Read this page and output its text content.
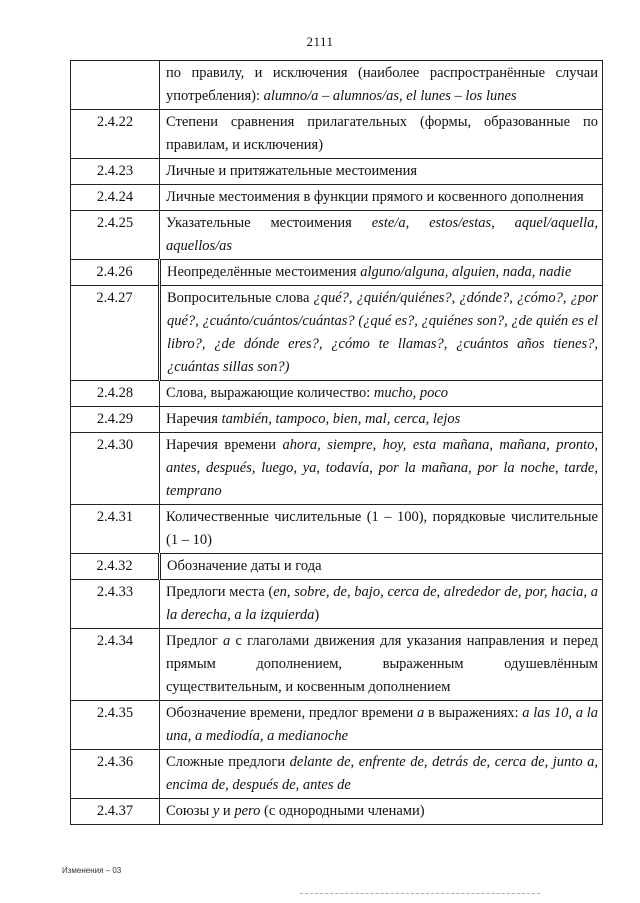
2111
	по правилу, и исключения (наиболее распространённые случаи употребления): alumno/a – alumnos/as, el lunes – los lunes
2.4.22	Степени сравнения прилагательных (формы, образованные по правилам, и исключения)
2.4.23	Личные и притяжательные местоимения
2.4.24	Личные местоимения в функции прямого и косвенного дополнения
2.4.25	Указательные местоимения este/a, estos/estas, aquel/aquella, aquellos/as
2.4.26	Неопределённые местоимения alguno/alguna, alguien, nada, nadie
2.4.27	Вопросительные слова ¿qué?, ¿quién/quiénes?, ¿dónde?, ¿cómo?, ¿por qué?, ¿cuánto/cuántos/cuántas? (¿qué es?, ¿quiénes son?, ¿de quién es el libro?, ¿de dónde eres?, ¿cómo te llamas?, ¿cuántos años tienes?, ¿cuántas sillas son?)
2.4.28	Слова, выражающие количество: mucho, poco
2.4.29	Наречия también, tampoco, bien, mal, cerca, lejos
2.4.30	Наречия времени ahora, siempre, hoy, esta mañana, mañana, pronto, antes, después, luego, ya, todavía, por la mañana, por la noche, tarde, temprano
2.4.31	Количественные числительные (1 – 100), порядковые числительные (1 – 10)
2.4.32	Обозначение даты и года
2.4.33	Предлоги места (en, sobre, de, bajo, cerca de, alrededor de, por, hacia, a la derecha, a la izquierda)
2.4.34	Предлог a с глаголами движения для указания направления и перед прямым дополнением, выраженным одушевлённым существительным, и косвенным дополнением
2.4.35	Обозначение времени, предлог времени a в выражениях: a las 10, a la una, a mediodía, a medianoche
2.4.36	Сложные предлоги delante de, enfrente de, detrás de, cerca de, junto a, encima de, después de, antes de
2.4.37	Союзы y и pero (с однородными членами)
Изменения – 03
